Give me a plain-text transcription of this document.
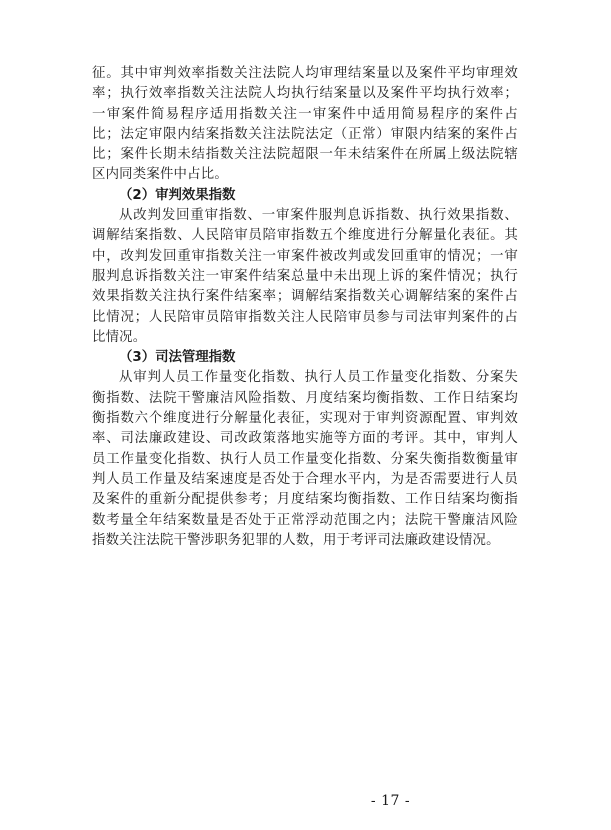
征。其中审判效率指数关注法院人均审理结案量以及案件平均审理效
率；执行效率指数关注法院人均执行结案量以及案件平均执行效率；
一审案件简易程序适用指数关注一审案件中适用简易程序的案件占
比；法定审限内结案指数关注法院法定（正常）审限内结案的案件占
比；案件长期未结指数关注法院超限一年未结案件在所属上级法院辖
区内同类案件中占比。
（2）审判效果指数
从改判发回重审指数、一审案件服判息诉指数、执行效果指数、
调解结案指数、人民陪审员陪审指数五个维度进行分解量化表征。其
中，改判发回重审指数关注一审案件被改判或发回重审的情况；一审
服判息诉指数关注一审案件结案总量中未出现上诉的案件情况；执行
效果指数关注执行案件结案率；调解结案指数关心调解结案的案件占
比情况；人民陪审员陪审指数关注人民陪审员参与司法审判案件的占
比情况。
（3）司法管理指数
从审判人员工作量变化指数、执行人员工作量变化指数、分案失
衡指数、法院干警廉洁风险指数、月度结案均衡指数、工作日结案均
衡指数六个维度进行分解量化表征，实现对于审判资源配置、审判效
率、司法廉政建设、司改政策落地实施等方面的考评。其中，审判人
员工作量变化指数、执行人员工作量变化指数、分案失衡指数衡量审
判人员工作量及结案速度是否处于合理水平内，为是否需要进行人员
及案件的重新分配提供参考；月度结案均衡指数、工作日结案均衡指
数考量全年结案数量是否处于正常浮动范围之内；法院干警廉洁风险
指数关注法院干警涉职务犯罪的人数，用于考评司法廉政建设情况。
- 17 -
